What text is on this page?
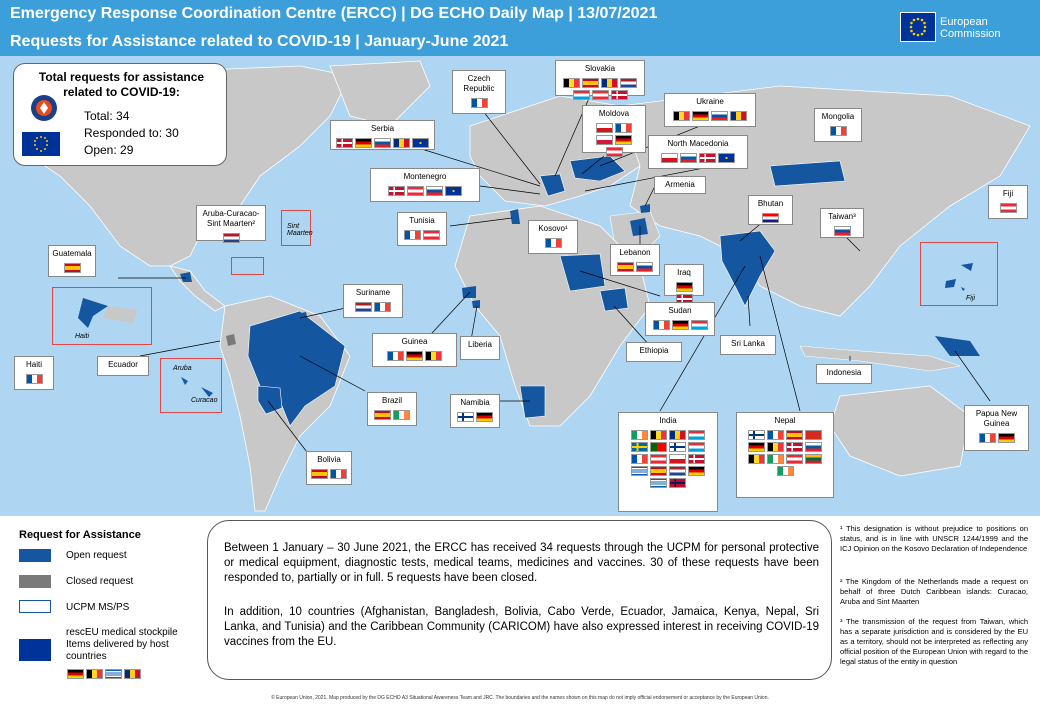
Emergency Response Coordination Centre (ERCC) | DG ECHO Daily Map | 13/07/2021
Requests for Assistance related to COVID-19 | January-June 2021
European
Commission
Sint Maarten
Haiti
Aruba
Curacao
Fiji
Czech Republic
Slovakia
Serbia
Moldova
Ukraine
Mongolia
North Macedonia
Montenegro
Armenia
Aruba-Curacao-Sint Maarten²	Tunisia
Kosovo¹
Bhutan
Taiwan³
Fiji
Guatemala	Lebanon
Iraq
Suriname
Sudan
Guinea	Liberia
Haiti	Ecuador
Ethiopia
Sri Lanka
Indonesia
Brazil	Namibia
Bolivia
Papua New Guinea
India	Nepal
Total requests for assistance related to COVID-19:
Total: 34
Responded to: 30
Open: 29
Request for Assistance
Open request
Closed request
UCPM MS/PS
rescEU medical stockpile Items delivered by host countries
Between 1 January – 30 June 2021, the ERCC has received 34 requests through the UCPM for personal protective or medical equipment, diagnostic tests, medical teams, medicines and vaccines. 30 of these requests have been responded to, partially or in full. 5 requests have been closed.
In addition, 10 countries (Afghanistan, Bangladesh, Bolivia, Cabo Verde, Ecuador, Jamaica, Kenya, Nepal, Sri Lanka, and Tunisia) and the Caribbean Community (CARICOM) have also expressed interest in receiving COVID-19 vaccines from the EU.
¹ This designation is without prejudice to positions on status, and is in line with UNSCR 1244/1999 and the ICJ Opinion on the Kosovo Declaration of Independence
² The Kingdom of the Netherlands made a request on behalf of three Dutch Caribbean islands: Curacao, Aruba and Sint Maarten
³ The transmission of the request from Taiwan, which has a separate jurisdiction and is considered by the EU as a territory, should not be interpreted as reflecting any official position of the European Union with regard to the legal status of the entity in question
© European Union, 2021. Map produced by the DG ECHO A3 Situational Awareness Team and JRC. The boundaries and the names shown on this map do not imply official endorsement or acceptance by the European Union.
